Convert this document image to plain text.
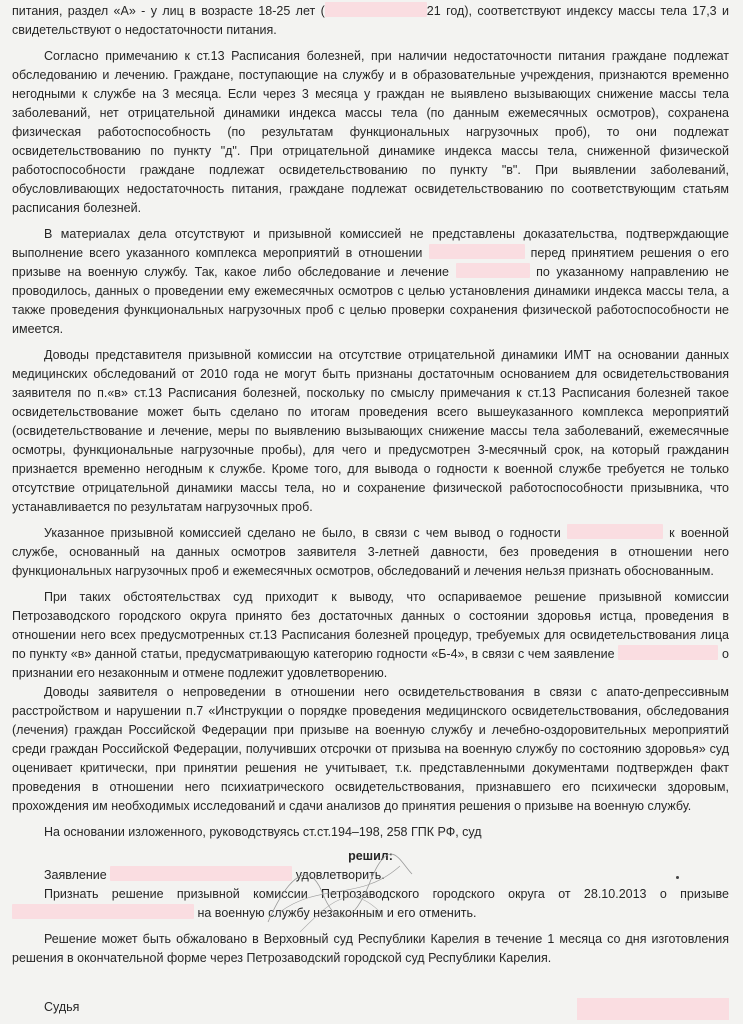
питания, раздел «А» - у лиц в возрасте 18-25 лет (	21 год), соответствуют индексу массы тела 17,3 и свидетельствуют о недостаточности питания.

Согласно примечанию к ст.13 Расписания болезней, при наличии недостаточности питания граждане подлежат обследованию и лечению. Граждане, поступающие на службу и в образовательные учреждения, признаются временно негодными к службе на 3 месяца. Если через 3 месяца у граждан не выявлено вызывающих снижение массы тела заболеваний, нет отрицательной динамики индекса массы тела (по данным ежемесячных осмотров), сохранена физическая работоспособность (по результатам функциональных нагрузочных проб), то они подлежат освидетельствованию по пункту "д". При отрицательной динамике индекса массы тела, сниженной физической работоспособности граждане подлежат освидетельствованию по пункту "в". При выявлении заболеваний, обусловливающих недостаточность питания, граждане подлежат освидетельствованию по соответствующим статьям расписания болезней.

В материалах дела отсутствуют и призывной комиссией не представлены доказательства, подтверждающие выполнение всего указанного комплекса мероприятий в отношении	перед принятием решения о его призыве на военную службу. Так, какое либо обследование и лечение	по указанному направлению не проводилось, данных о проведении ему ежемесячных осмотров с целью установления динамики индекса массы тела, а также проведения функциональных нагрузочных проб с целью проверки сохранения физической работоспособности не имеется.

Доводы представителя призывной комиссии на отсутствие отрицательной динамики ИМТ на основании данных медицинских обследований от 2010 года не могут быть признаны достаточным основанием для освидетельствования заявителя по п.«в» ст.13 Расписания болезней, поскольку по смыслу примечания к ст.13 Расписания болезней такое освидетельствование может быть сделано по итогам проведения всего вышеуказанного комплекса мероприятий (освидетельствование и лечение, меры по выявлению вызывающих снижение массы тела заболеваний, ежемесячные осмотры, функциональные нагрузочные пробы), для чего и предусмотрен 3-месячный срок, на который гражданин признается временно негодным к службе. Кроме того, для вывода о годности к военной службе требуется не только отсутствие отрицательной динамики массы тела, но и сохранение физической работоспособности призывника, что устанавливается по результатам нагрузочных проб.

Указанное призывной комиссией сделано не было, в связи с чем вывод о годности	к военной службе, основанный на данных осмотров заявителя 3-летней давности, без проведения в отношении него функциональных нагрузочных проб и ежемесячных осмотров, обследований и лечения нельзя признать обоснованным.

При таких обстоятельствах суд приходит к выводу, что оспариваемое решение призывной комиссии Петрозаводского городского округа принято без достаточных данных о состоянии здоровья истца, проведения в отношении него всех предусмотренных ст.13 Расписания болезней процедур, требуемых для освидетельствования лица по пункту «в» данной статьи, предусматривающую категорию годности «Б-4», в связи с чем заявление	о признании его незаконным и отмене подлежит удовлетворению.

Доводы заявителя о непроведении в отношении него освидетельствования в связи с апато-депрессивным расстройством и нарушении п.7 «Инструкции о порядке проведения медицинского освидетельствования, обследования (лечения) граждан Российской Федерации при призыве на военную службу и лечебно-оздоровительных мероприятий среди граждан Российской Федерации, получивших отсрочки от призыва на военную службу по состоянию здоровья» суд оценивает критически, при принятии решения не учитывает, т.к. представленными документами подтвержден факт проведения в отношении него психиатрического освидетельствования, признавшего его психически здоровым, прохождения им необходимых исследований и сдачи анализов до принятия решения о призыве на военную службу.

На основании изложенного, руководствуясь ст.ст.194–198, 258 ГПК РФ, суд

решил:

Заявление	удовлетворить.

Признать решение призывной комиссии Петрозаводского городского округа от 28.10.2013 о призыве  на военную службу незаконным и его отменить.

Решение может быть обжаловано в Верховный суд Республики Карелия в течение 1 месяца со дня изготовления решения в окончательной форме через Петрозаводский городской суд Республики Карелия.

Судья
